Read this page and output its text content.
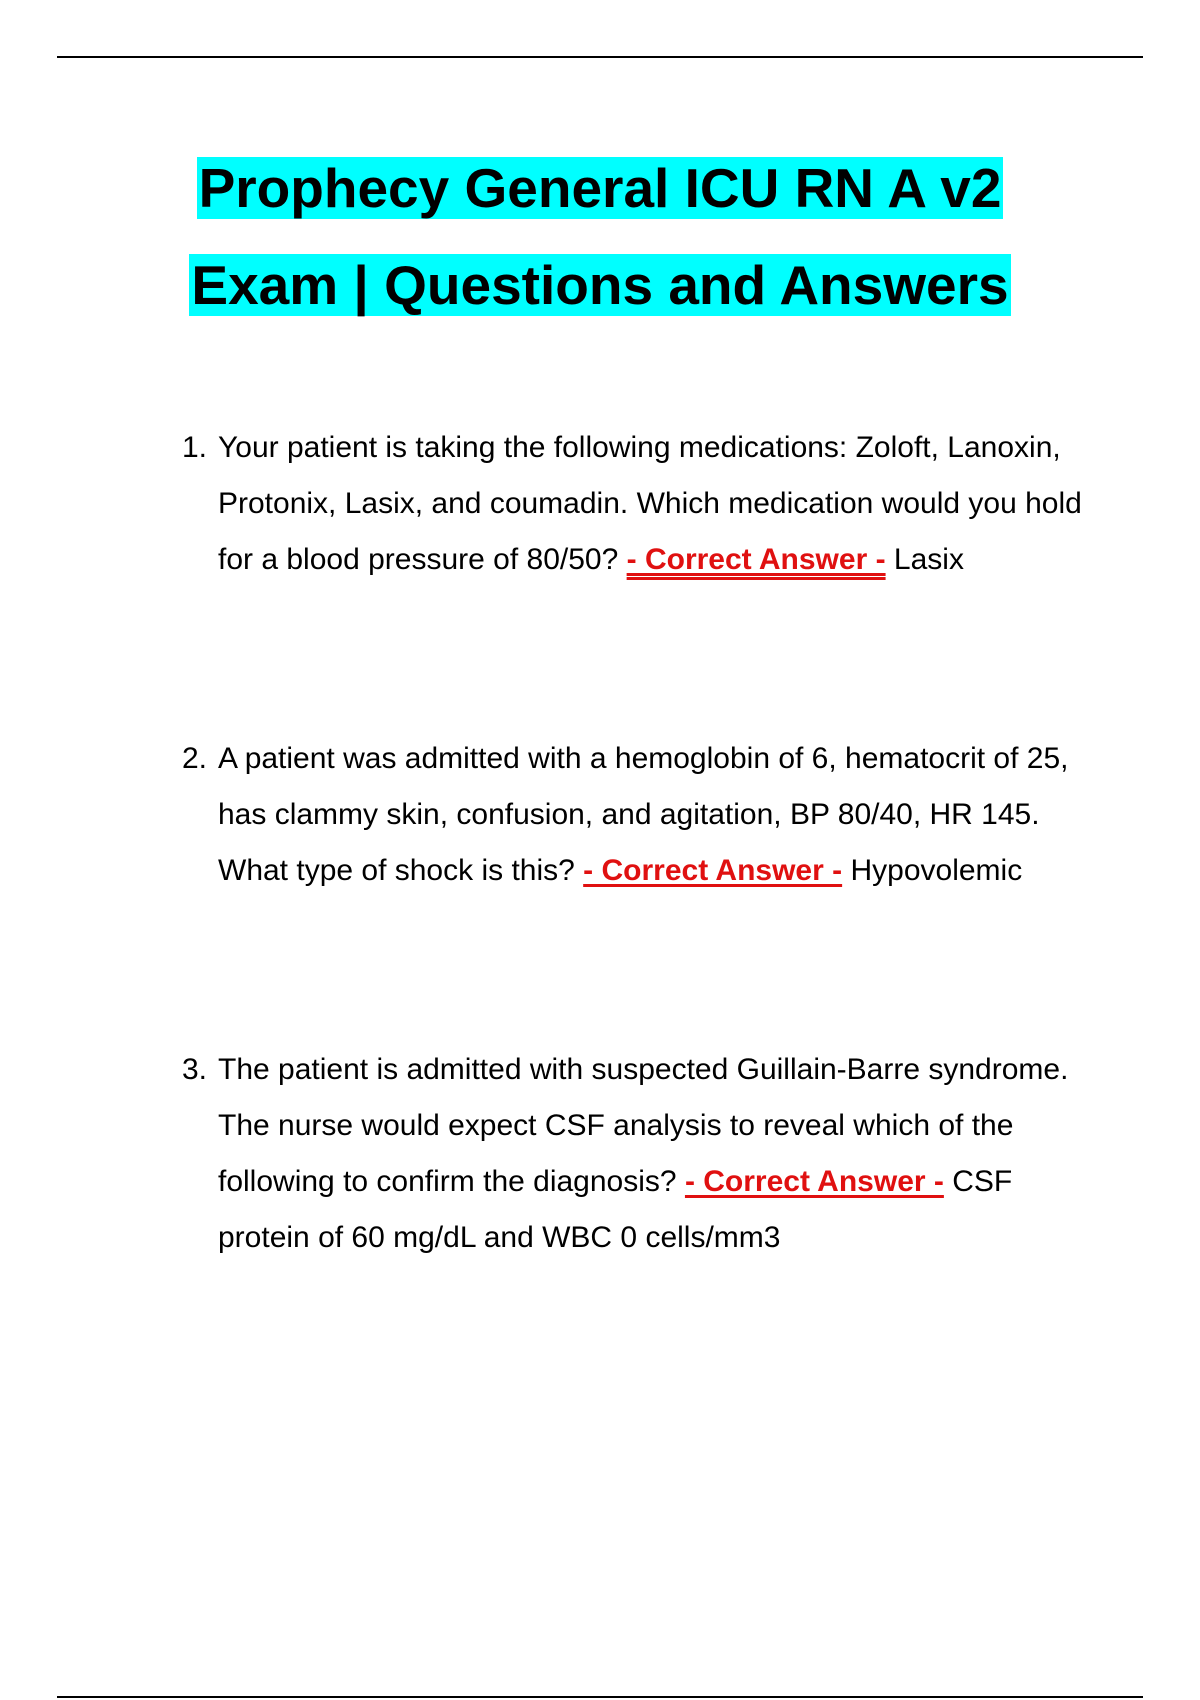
Prophecy General ICU RN A v2
Exam | Questions and Answers
1. Your patient is taking the following medications: Zoloft, Lanoxin, Protonix, Lasix, and coumadin. Which medication would you hold for a blood pressure of 80/50? - Correct Answer - Lasix
2. A patient was admitted with a hemoglobin of 6, hematocrit of 25, has clammy skin, confusion, and agitation, BP 80/40, HR 145. What type of shock is this? - Correct Answer - Hypovolemic
3. The patient is admitted with suspected Guillain-Barre syndrome. The nurse would expect CSF analysis to reveal which of the following to confirm the diagnosis? - Correct Answer - CSF protein of 60 mg/dL and WBC 0 cells/mm3
